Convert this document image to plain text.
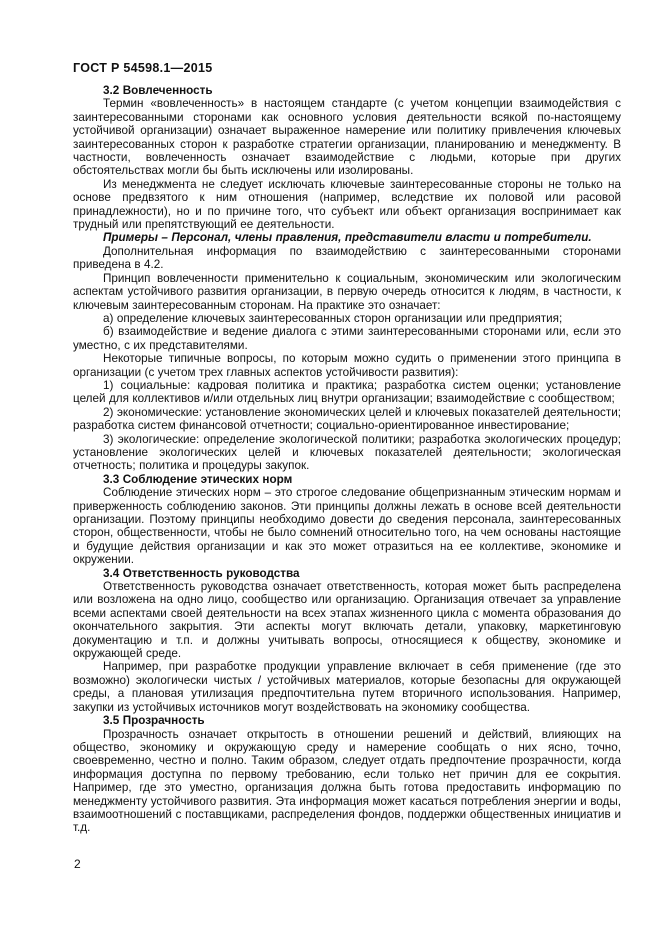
ГОСТ Р 54598.1—2015

3.2 Вовлеченность

Термин «вовлеченность» в настоящем стандарте (с учетом концепции взаимодействия с заинтересованными сторонами как основного условия деятельности всякой по-настоящему устойчивой организации) означает выраженное намерение или политику привлечения ключевых заинтересованных сторон к разработке стратегии организации, планированию и менеджменту. В частности, вовлеченность означает взаимодействие с людьми, которые при других обстоятельствах могли бы быть исключены или изолированы.

Из менеджмента не следует исключать ключевые заинтересованные стороны не только на основе предвзятого к ним отношения (например, вследствие их половой или расовой принадлежности), но и по причине того, что субъект или объект организация воспринимает как трудный или препятствующий ее деятельности.

Примеры – Персонал, члены правления, представители власти и потребители.

Дополнительная информация по взаимодействию с заинтересованными сторонами приведена в 4.2.

Принцип вовлеченности применительно к социальным, экономическим или экологическим аспектам устойчивого развития организации, в первую очередь относится к людям, в частности, к ключевым заинтересованным сторонам. На практике это означает:

а) определение ключевых заинтересованных сторон организации или предприятия;

б) взаимодействие и ведение диалога с этими заинтересованными сторонами или, если это уместно, с их представителями.

Некоторые типичные вопросы, по которым можно судить о применении этого принципа в организации (с учетом трех главных аспектов устойчивости развития):

1) социальные: кадровая политика и практика; разработка систем оценки; установление целей для коллективов и/или отдельных лиц внутри организации; взаимодействие с сообществом;

2) экономические: установление экономических целей и ключевых показателей деятельности; разработка систем финансовой отчетности; социально-ориентированное инвестирование;

3) экологические: определение экологической политики; разработка экологических процедур; установление экологических целей и ключевых показателей деятельности; экологическая отчетность; политика и процедуры закупок.

3.3 Соблюдение этических норм

Соблюдение этических норм – это строгое следование общепризнанным этическим нормам и приверженность соблюдению законов. Эти принципы должны лежать в основе всей деятельности организации. Поэтому принципы необходимо довести до сведения персонала, заинтересованных сторон, общественности, чтобы не было сомнений относительно того, на чем основаны настоящие и будущие действия организации и как это может отразиться на ее коллективе, экономике и окружении.

3.4 Ответственность руководства

Ответственность руководства означает ответственность, которая может быть распределена или возложена на одно лицо, сообщество или организацию. Организация отвечает за управление всеми аспектами своей деятельности на всех этапах жизненного цикла с момента образования до окончательного закрытия. Эти аспекты могут включать детали, упаковку, маркетинговую документацию и т.п. и должны учитывать вопросы, относящиеся к обществу, экономике и окружающей среде.

Например, при разработке продукции управление включает в себя применение (где это возможно) экологически чистых / устойчивых материалов, которые безопасны для окружающей среды, а плановая утилизация предпочтительна путем вторичного использования. Например, закупки из устойчивых источников могут воздействовать на экономику сообщества.

3.5 Прозрачность

Прозрачность означает открытость в отношении решений и действий, влияющих на общество, экономику и окружающую среду и намерение сообщать о них ясно, точно, своевременно, честно и полно. Таким образом, следует отдать предпочтение прозрачности, когда информация доступна по первому требованию, если только нет причин для ее сокрытия. Например, где это уместно, организация должна быть готова предоставить информацию по менеджменту устойчивого развития. Эта информация может касаться потребления энергии и воды, взаимоотношений с поставщиками, распределения фондов, поддержки общественных инициатив и т.д.

2
